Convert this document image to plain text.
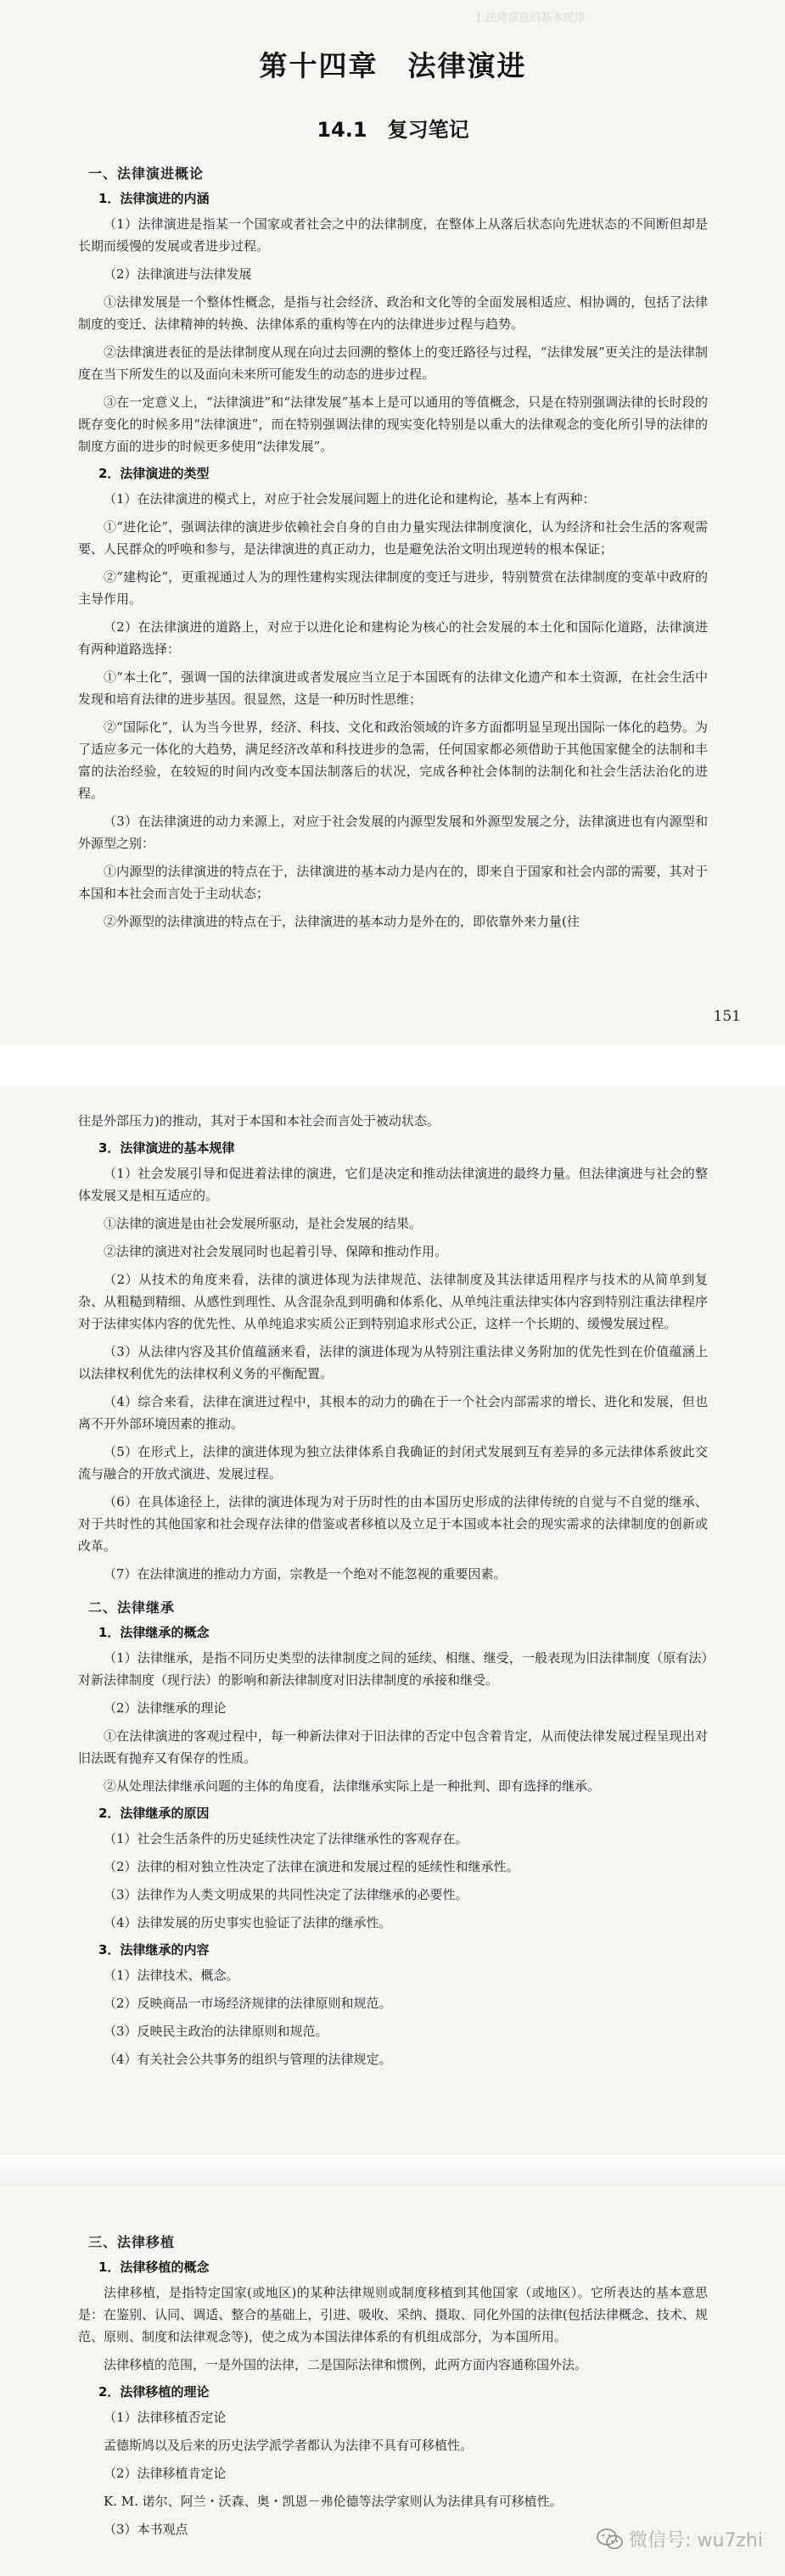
1.法律演进的基本规律
第十四章　法律演进
14.1　复习笔记
一、法律演进概论
1．法律演进的内涵

（1）法律演进是指某一个国家或者社会之中的法律制度，在整体上从落后状态向先进状态的不间断但却是长期而缓慢的发展或者进步过程。

（2）法律演进与法律发展

①法律发展是一个整体性概念，是指与社会经济、政治和文化等的全面发展相适应、相协调的，包括了法律制度的变迁、法律精神的转换、法律体系的重构等在内的法律进步过程与趋势。

②法律演进表征的是法律制度从现在向过去回溯的整体上的变迁路径与过程，“法律发展”更关注的是法律制度在当下所发生的以及面向未来所可能发生的动态的进步过程。

③在一定意义上，“法律演进”和“法律发展”基本上是可以通用的等值概念，只是在特别强调法律的长时段的既存变化的时候多用“法律演进”，而在特别强调法律的现实变化特别是以重大的法律观念的变化所引导的法律的制度方面的进步的时候更多使用“法律发展”。

2．法律演进的类型

（1）在法律演进的模式上，对应于社会发展问题上的进化论和建构论，基本上有两种：

①“进化论”，强调法律的演进步依赖社会自身的自由力量实现法律制度演化，认为经济和社会生活的客观需要、人民群众的呼唤和参与，是法律演进的真正动力，也是避免法治文明出现逆转的根本保证；

②“建构论”，更重视通过人为的理性建构实现法律制度的变迁与进步，特别赞赏在法律制度的变革中政府的主导作用。

（2）在法律演进的道路上，对应于以进化论和建构论为核心的社会发展的本土化和国际化道路，法律演进有两种道路选择：

①“本土化”，强调一国的法律演进或者发展应当立足于本国既有的法律文化遗产和本土资源，在社会生活中发现和培育法律的进步基因。很显然，这是一种历时性思维；

②“国际化”，认为当今世界，经济、科技、文化和政治领域的许多方面都明显呈现出国际一体化的趋势。为了适应多元一体化的大趋势，满足经济改革和科技进步的急需，任何国家都必须借助于其他国家健全的法制和丰富的法治经验，在较短的时间内改变本国法制落后的状况，完成各种社会体制的法制化和社会生活法治化的进程。

（3）在法律演进的动力来源上，对应于社会发展的内源型发展和外源型发展之分，法律演进也有内源型和外源型之别：

①内源型的法律演进的特点在于，法律演进的基本动力是内在的，即来自于国家和社会内部的需要，其对于本国和本社会而言处于主动状态；

②外源型的法律演进的特点在于，法律演进的基本动力是外在的，即依靠外来力量(往

151

往是外部压力)的推动，其对于本国和本社会而言处于被动状态。

3．法律演进的基本规律

（1）社会发展引导和促进着法律的演进，它们是决定和推动法律演进的最终力量。但法律演进与社会的整体发展又是相互适应的。

①法律的演进是由社会发展所驱动，是社会发展的结果。

②法律的演进对社会发展同时也起着引导、保障和推动作用。

（2）从技术的角度来看，法律的演进体现为法律规范、法律制度及其法律适用程序与技术的从简单到复杂、从粗糙到精细、从感性到理性、从含混杂乱到明确和体系化、从单纯注重法律实体内容到特别注重法律程序对于法律实体内容的优先性、从单纯追求实质公正到特别追求形式公正，这样一个长期的、缓慢发展过程。

（3）从法律内容及其价值蕴涵来看，法律的演进体现为从特别注重法律义务附加的优先性到在价值蕴涵上以法律权利优先的法律权利义务的平衡配置。

（4）综合来看，法律在演进过程中，其根本的动力的确在于一个社会内部需求的增长、进化和发展，但也离不开外部环境因素的推动。

（5）在形式上，法律的演进体现为独立法律体系自我确证的封闭式发展到互有差异的多元法律体系彼此交流与融合的开放式演进、发展过程。

（6）在具体途径上，法律的演进体现为对于历时性的由本国历史形成的法律传统的自觉与不自觉的继承、对于共时性的其他国家和社会现存法律的借鉴或者移植以及立足于本国或本社会的现实需求的法律制度的创新或改革。

（7）在法律演进的推动力方面，宗教是一个绝对不能忽视的重要因素。

二、法律继承
1．法律继承的概念

（1）法律继承，是指不同历史类型的法律制度之间的延续、相继、继受，一般表现为旧法律制度（原有法）对新法律制度（现行法）的影响和新法律制度对旧法律制度的承接和继受。

（2）法律继承的理论

①在法律演进的客观过程中，每一种新法律对于旧法律的否定中包含着肯定，从而使法律发展过程呈现出对旧法既有抛弃又有保存的性质。

②从处理法律继承问题的主体的角度看，法律继承实际上是一种批判、即有选择的继承。

2．法律继承的原因

（1）社会生活条件的历史延续性决定了法律继承性的客观存在。

（2）法律的相对独立性决定了法律在演进和发展过程的延续性和继承性。

（3）法律作为人类文明成果的共同性决定了法律继承的必要性。

（4）法律发展的历史事实也验证了法律的继承性。

3．法律继承的内容

（1）法律技术、概念。

（2）反映商品一市场经济规律的法律原则和规范。

（3）反映民主政治的法律原则和规范。

（4）有关社会公共事务的组织与管理的法律规定。

三、法律移植
1．法律移植的概念

法律移植，是指特定国家(或地区)的某种法律规则或制度移植到其他国家（或地区）。它所表达的基本意思是：在鉴别、认同、调适、整合的基础上，引进、吸收、采纳、摄取、同化外国的法律(包括法律概念、技术、规范、原则、制度和法律观念等)，使之成为本国法律体系的有机组成部分，为本国所用。

法律移植的范围，一是外国的法律，二是国际法律和惯例，此两方面内容通称国外法。

2．法律移植的理论

（1）法律移植否定论

孟德斯鸠以及后来的历史法学派学者都认为法律不具有可移植性。

（2）法律移植肯定论

K. M. 诺尔、阿兰・沃森、奥・凯恩－弗伦德等法学家则认为法律具有可移植性。

（3）本书观点

微信号: wu7zhi
